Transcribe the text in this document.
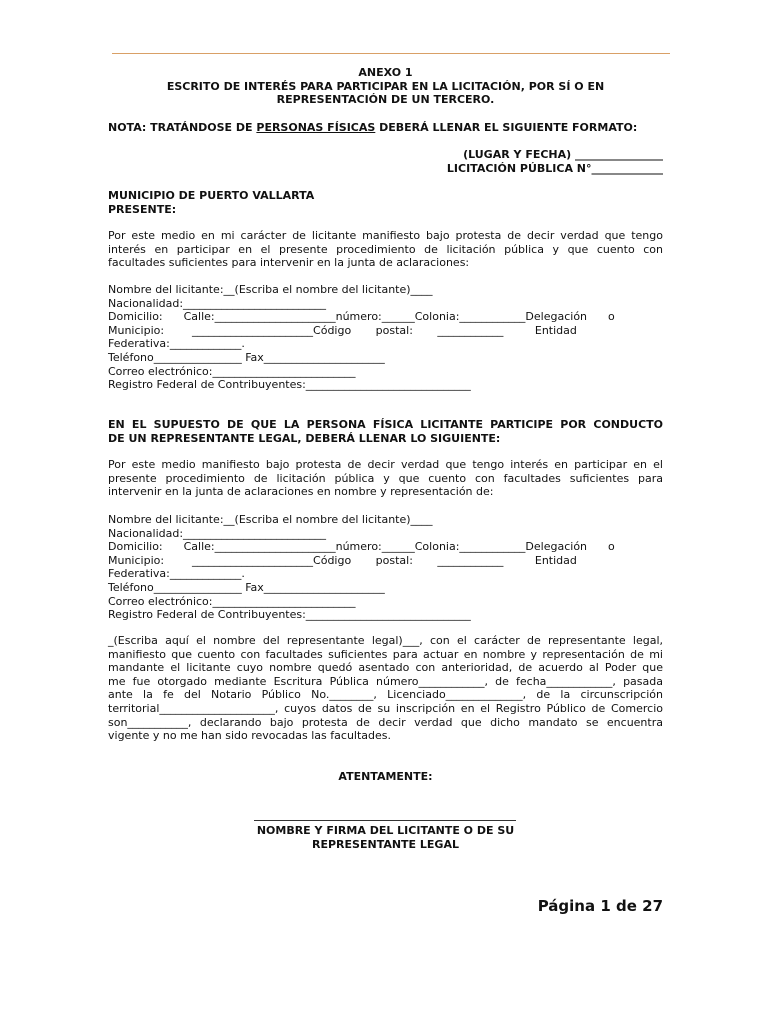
ANEXO 1
ESCRITO DE INTERÉS PARA PARTICIPAR EN LA LICITACIÓN, POR SÍ O EN
REPRESENTACIÓN DE UN TERCERO.
NOTA: TRATÁNDOSE DE PERSONAS FÍSICAS DEBERÁ LLENAR EL SIGUIENTE FORMATO:
(LUGAR Y FECHA) ________________
LICITACIÓN PÚBLICA N°_____________
MUNICIPIO DE PUERTO VALLARTA
PRESENTE:
Por este medio en mi carácter de licitante manifiesto bajo protesta de decir verdad que tengo
interés en participar en el presente procedimiento de licitación pública y que cuento con
facultades suficientes para intervenir en la junta de aclaraciones:
Nombre del licitante:__(Escriba el nombre del licitante)____
Nacionalidad:__________________________
Domicilio:      Calle:______________________número:______Colonia:____________Delegación      o
Municipio:        ______________________Código       postal:       ____________         Entidad
Federativa:_____________.
Teléfono________________ Fax______________________
Correo electrónico:__________________________
Registro Federal de Contribuyentes:______________________________
EN EL SUPUESTO DE QUE LA PERSONA FÍSICA LICITANTE PARTICIPE POR CONDUCTO
DE UN REPRESENTANTE LEGAL, DEBERÁ LLENAR LO SIGUIENTE:
Por este medio manifiesto bajo protesta de decir verdad que tengo interés en participar en el
presente procedimiento de licitación pública y que cuento con facultades suficientes para
intervenir en la junta de aclaraciones en nombre y representación de:
Nombre del licitante:__(Escriba el nombre del licitante)____
Nacionalidad:__________________________
Domicilio:      Calle:______________________número:______Colonia:____________Delegación      o
Municipio:        ______________________Código       postal:       ____________         Entidad
Federativa:_____________.
Teléfono________________ Fax______________________
Correo electrónico:__________________________
Registro Federal de Contribuyentes:______________________________
_(Escriba aquí el nombre del representante legal)___, con el carácter de representante legal,
manifiesto que cuento con facultades suficientes para actuar en nombre y representación de mi
mandante el licitante cuyo nombre quedó asentado con anterioridad, de acuerdo al Poder que
me fue otorgado mediante Escritura Pública número____________, de fecha____________, pasada
ante la fe del Notario Público No.________, Licenciado______________, de la circunscripción
territorial_____________________, cuyos datos de su inscripción en el Registro Público de Comercio
son___________, declarando bajo protesta de decir verdad que dicho mandato se encuentra
vigente y no me han sido revocadas las facultades.
ATENTAMENTE:
NOMBRE Y FIRMA DEL LICITANTE O DE SU
REPRESENTANTE LEGAL
Página 1 de 27
